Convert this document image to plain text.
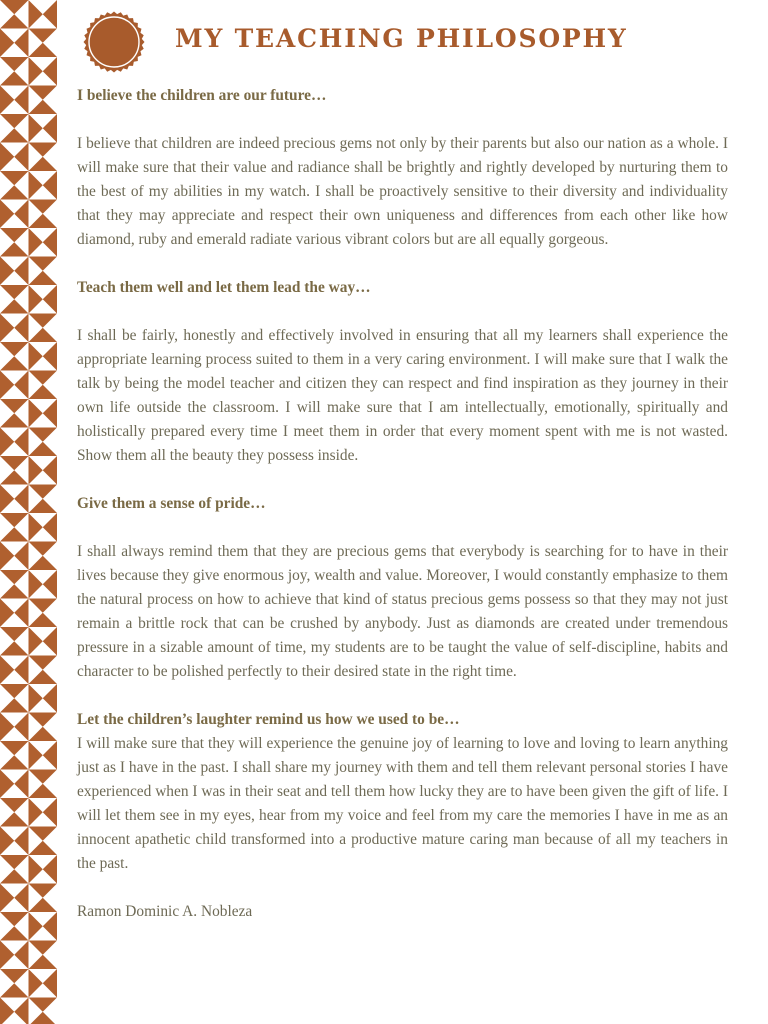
MY TEACHING PHILOSOPHY

I believe the children are our future…

I believe that children are indeed precious gems not only by their parents but also our nation as a whole. I will make sure that their value and radiance shall be brightly and rightly developed by nurturing them to the best of my abilities in my watch. I shall be proactively sensitive to their diversity and individuality that they may appreciate and respect their own uniqueness and differences from each other like how diamond, ruby and emerald radiate various vibrant colors but are all equally gorgeous.

Teach them well and let them lead the way…

I shall be fairly, honestly and effectively involved in ensuring that all my learners shall experience the appropriate learning process suited to them in a very caring environment. I will make sure that I walk the talk by being the model teacher and citizen they can respect and find inspiration as they journey in their own life outside the classroom. I will make sure that I am intellectually, emotionally, spiritually and holistically prepared every time I meet them in order that every moment spent with me is not wasted. Show them all the beauty they possess inside.

Give them a sense of pride…

I shall always remind them that they are precious gems that everybody is searching for to have in their lives because they give enormous joy, wealth and value. Moreover, I would constantly emphasize to them the natural process on how to achieve that kind of status precious gems possess so that they may not just remain a brittle rock that can be crushed by anybody. Just as diamonds are created under tremendous pressure in a sizable amount of time, my students are to be taught the value of self-discipline, habits and character to be polished perfectly to their desired state in the right time.

Let the children’s laughter remind us how we used to be…

I will make sure that they will experience the genuine joy of learning to love and loving to learn anything just as I have in the past. I shall share my journey with them and tell them relevant personal stories I have experienced when I was in their seat and tell them how lucky they are to have been given the gift of life. I will let them see in my eyes, hear from my voice and feel from my care the memories I have in me as an innocent apathetic child transformed into a productive mature caring man because of all my teachers in the past.

Ramon Dominic A. Nobleza
